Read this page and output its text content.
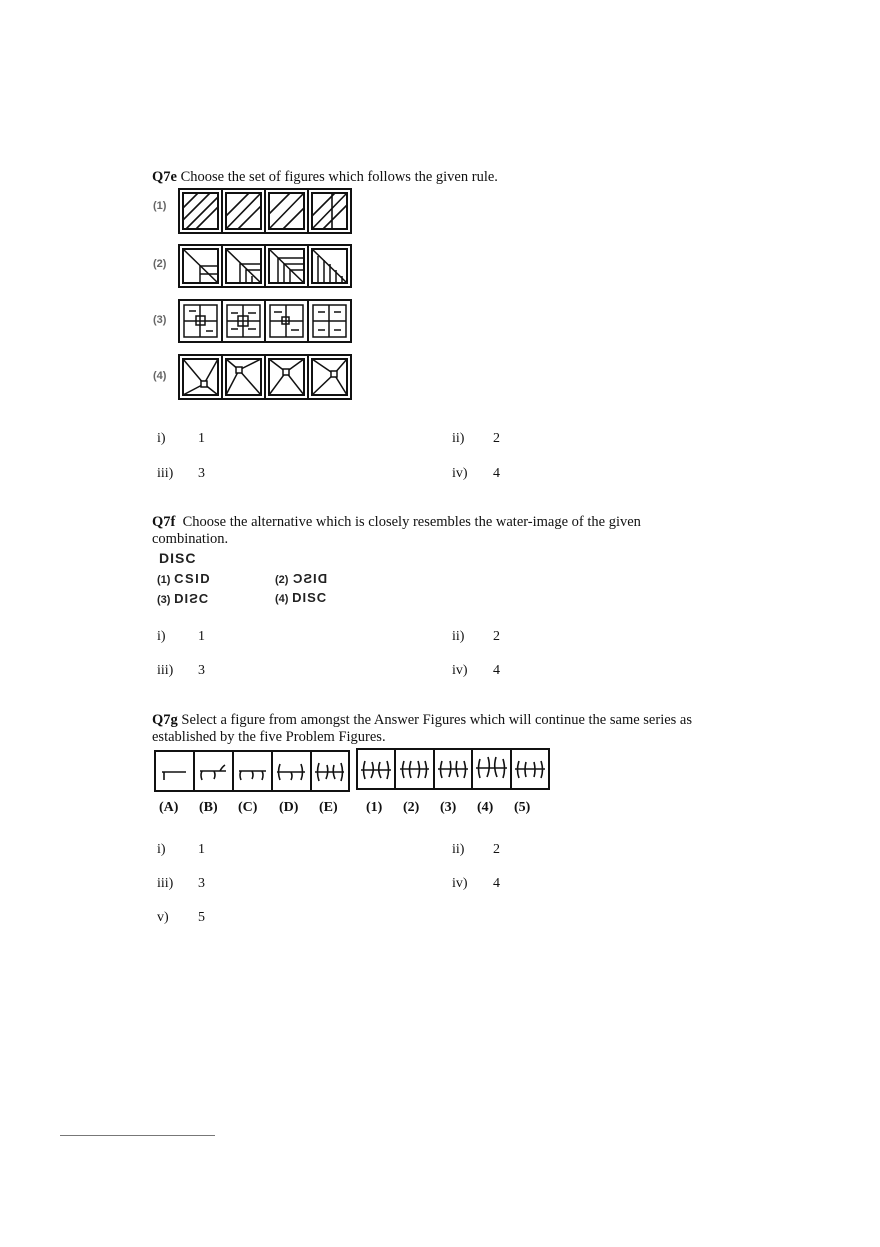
Q7e Choose the set of figures which follows the given rule.
(1)
(2)
(3)
(4)
i) 1	ii) 2
iii) 3	iv) 4
Q7f Choose the alternative which is closely resembles the water-image of the given
combination.
DISC
(1) CSID	(2) DISC
(3) DISC	(4) DISC
i) 1	ii) 2
iii) 3	iv) 4
Q7g Select a figure from amongst the Answer Figures which will continue the same series as
established by the five Problem Figures.
(A) (B) (C) (D) (E) (1) (2) (3) (4) (5)
i) 1	ii) 2
iii) 3	iv) 4
v) 5
